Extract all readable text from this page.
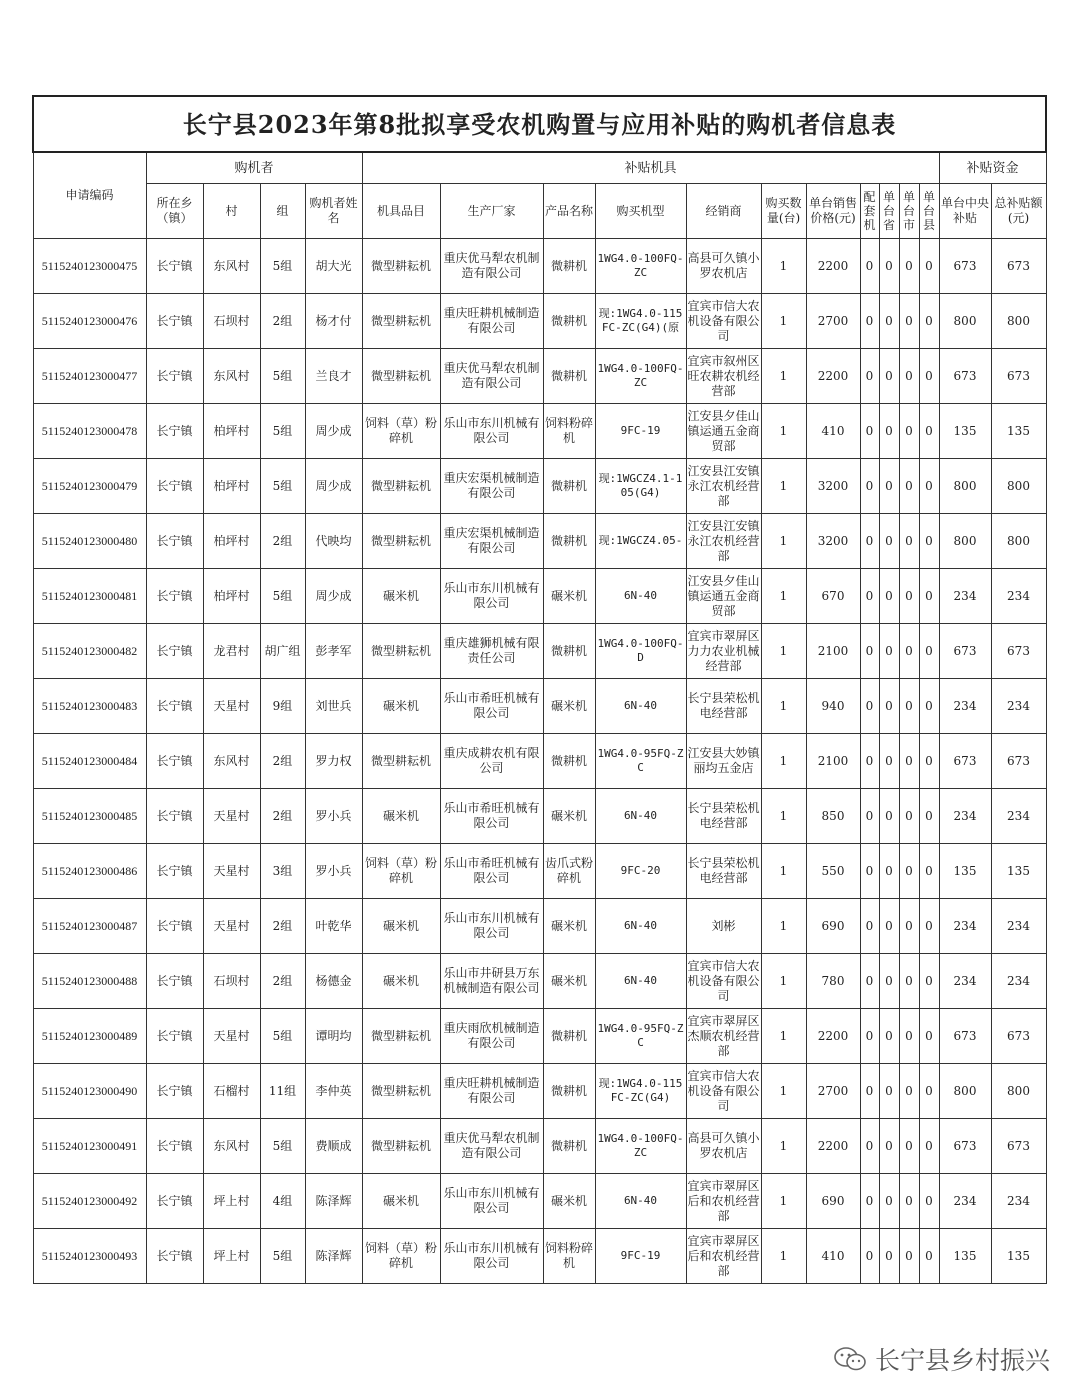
长宁县2023年第8批拟享受农机购置与应用补贴的购机者信息表																	
申请编码	购机者				补贴机具											补贴资金	
	所在乡（镇）	村	组	购机者姓名	机具品目	生产厂家	产品名称	购买机型	经销商	购买数量(台)	单台销售价格(元)	配套机	单台省	单台市	单台县	单台中央补贴	总补贴额(元)
5115240123000475	长宁镇	东风村	5组	胡大光	微型耕耘机	重庆优马犁农机制造有限公司	微耕机	1WG4.0-100FQ-ZC	高县可久镇小罗农机店	1	2200	0	0	0	0	673	673
5115240123000476	长宁镇	石坝村	2组	杨才付	微型耕耘机	重庆旺耕机械制造有限公司	微耕机	现:1WG4.0-115FC-ZC(G4)(原	宜宾市信大农机设备有限公司	1	2700	0	0	0	0	800	800
5115240123000477	长宁镇	东风村	5组	兰良才	微型耕耘机	重庆优马犁农机制造有限公司	微耕机	1WG4.0-100FQ-ZC	宜宾市叙州区旺农耕农机经营部	1	2200	0	0	0	0	673	673
5115240123000478	长宁镇	柏坪村	5组	周少成	饲料（草）粉碎机	乐山市东川机械有限公司	饲料粉碎机	9FC-19	江安县夕佳山镇运通五金商贸部	1	410	0	0	0	0	135	135
5115240123000479	长宁镇	柏坪村	5组	周少成	微型耕耘机	重庆宏渠机械制造有限公司	微耕机	现:1WGCZ4.1-105(G4)	江安县江安镇永江农机经营部	1	3200	0	0	0	0	800	800
5115240123000480	长宁镇	柏坪村	2组	代映均	微型耕耘机	重庆宏渠机械制造有限公司	微耕机	现:1WGCZ4.05-	江安县江安镇永江农机经营部	1	3200	0	0	0	0	800	800
5115240123000481	长宁镇	柏坪村	5组	周少成	碾米机	乐山市东川机械有限公司	碾米机	6N-40	江安县夕佳山镇运通五金商贸部	1	670	0	0	0	0	234	234
5115240123000482	长宁镇	龙君村	胡广组	彭孝军	微型耕耘机	重庆雄狮机械有限责任公司	微耕机	1WG4.0-100FQ-D	宜宾市翠屏区力力农业机械经营部	1	2100	0	0	0	0	673	673
5115240123000483	长宁镇	天星村	9组	刘世兵	碾米机	乐山市希旺机械有限公司	碾米机	6N-40	长宁县荣松机电经营部	1	940	0	0	0	0	234	234
5115240123000484	长宁镇	东风村	2组	罗力权	微型耕耘机	重庆成耕农机有限公司	微耕机	1WG4.0-95FQ-ZC	江安县大妙镇丽均五金店	1	2100	0	0	0	0	673	673
5115240123000485	长宁镇	天星村	2组	罗小兵	碾米机	乐山市希旺机械有限公司	碾米机	6N-40	长宁县荣松机电经营部	1	850	0	0	0	0	234	234
5115240123000486	长宁镇	天星村	3组	罗小兵	饲料（草）粉碎机	乐山市希旺机械有限公司	齿爪式粉碎机	9FC-20	长宁县荣松机电经营部	1	550	0	0	0	0	135	135
5115240123000487	长宁镇	天星村	2组	叶乾华	碾米机	乐山市东川机械有限公司	碾米机	6N-40	刘彬	1	690	0	0	0	0	234	234
5115240123000488	长宁镇	石坝村	2组	杨德金	碾米机	乐山市井研县万东机械制造有限公司	碾米机	6N-40	宜宾市信大农机设备有限公司	1	780	0	0	0	0	234	234
5115240123000489	长宁镇	天星村	5组	谭明均	微型耕耘机	重庆雨欣机械制造有限公司	微耕机	1WG4.0-95FQ-ZC	宜宾市翠屏区杰顺农机经营部	1	2200	0	0	0	0	673	673
5115240123000490	长宁镇	石榴村	11组	李仲英	微型耕耘机	重庆旺耕机械制造有限公司	微耕机	现:1WG4.0-115FC-ZC(G4)	宜宾市信大农机设备有限公司	1	2700	0	0	0	0	800	800
5115240123000491	长宁镇	东风村	5组	费顺成	微型耕耘机	重庆优马犁农机制造有限公司	微耕机	1WG4.0-100FQ-ZC	高县可久镇小罗农机店	1	2200	0	0	0	0	673	673
5115240123000492	长宁镇	坪上村	4组	陈泽辉	碾米机	乐山市东川机械有限公司	碾米机	6N-40	宜宾市翠屏区后和农机经营部	1	690	0	0	0	0	234	234
5115240123000493	长宁镇	坪上村	5组	陈泽辉	饲料（草）粉碎机	乐山市东川机械有限公司	饲料粉碎机	9FC-19	宜宾市翠屏区后和农机经营部	1	410	0	0	0	0	135	135
长宁县乡村振兴
